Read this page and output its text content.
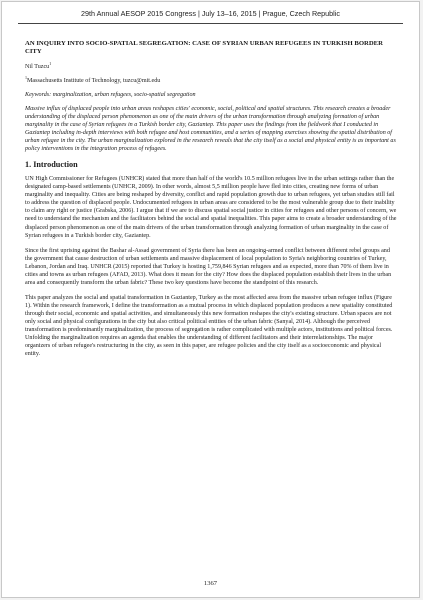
29th Annual AESOP 2015 Congress | July 13–16, 2015 | Prague, Czech Republic

AN INQUIRY INTO SOCIO-SPATIAL SEGREGATION: CASE OF SYRIAN URBAN REFUGEES IN TURKISH BORDER CITY

Nil Tuzcu$^1$

$^1$Massachusetts Institute of Technology, tuzcu@mit.edu

Keywords: marginalization, urban refugees, socio-spatial segregation

Massive influx of displaced people into urban areas reshapes cities' economic, social, political and spatial structures. This research creates a broader understanding of the displaced person phenomenon as one of the main drivers of the urban transformation through analyzing formation of urban marginality in the case of Syrian refugees in a Turkish border city, Gaziantep. This paper uses the findings from the fieldwork that I conducted in Gaziantep including in-depth interviews with both refugee and host communities, and a series of mapping exercises showing the spatial distribution of urban refugee in the city. The urban marginalization explored in the research reveals that the city itself as a social and physical entity is as important as policy interventions in the integration process of refugees.

1. Introduction

UN High Commissioner for Refugees (UNHCR) stated that more than half of the world's 10.5 million refugees live in the urban settings rather than the designated camp-based settlements (UNHCR, 2009). In other words, almost 5,5 million people have fled into cities, creating new forms of urban marginality and inequality. Cities are being reshaped by diversity, conflict and rapid population growth due to urban refugees, yet urban studies still fail to address the question of displaced people. Undocumented refugees in urban areas are considered to be the most vulnerable group due to their inability to claim any right or justice (Grabska, 2006). I argue that if we are to discuss spatial social justice in cities for refugees and other persons of concern, we need to understand the mechanism and the facilitators behind the social and spatial inequalities. This paper aims to create a broader understanding of the displaced person phenomenon as one of the main drivers of the urban transformation through analyzing formation of urban marginality in the case of Syrian refugees in a Turkish border city, Gaziantep.

Since the first uprising against the Bashar al-Assad government of Syria there has been an ongoing-armed conflict between different rebel groups and the government that cause destruction of urban settlements and massive displacement of local population to Syria's neighboring countries of Turkey, Lebanon, Jordan and Iraq. UNHCR (2015) reported that Turkey is hosting 1,759,846 Syrian refugees and as expected, more than 70% of them live in cities and towns as urban refugees (AFAD, 2013). What does it mean for the city? How does the displaced population establish their lives in the urban area and consequently transform the urban fabric? These two key questions have become the standpoint of this research.

This paper analyzes the social and spatial transformation in Gaziantep, Turkey as the most affected area from the massive urban refugee influx (Figure 1). Within the research framework, I define the transformation as a mutual process in which displaced population produces a new spatiality constituted through their social, economic and spatial activities, and simultaneously this new formation reshapes the city's existing structure. Urban spaces are not only social and physical configurations in the city but also critical political entities of the urban fabric (Sanyal, 2014). Although the perceived transformation is predominantly marginalization, the process of segregation is rather complicated with multiple actors, institutions and political forces. Unfolding the marginalization requires an agenda that enables the understanding of different facilitators and their interrelationships. The major organizers of urban refugee's restructuring in the city, as seen in this paper, are refugee policies and the city itself as a socioeconomic and physical entity.

1367
